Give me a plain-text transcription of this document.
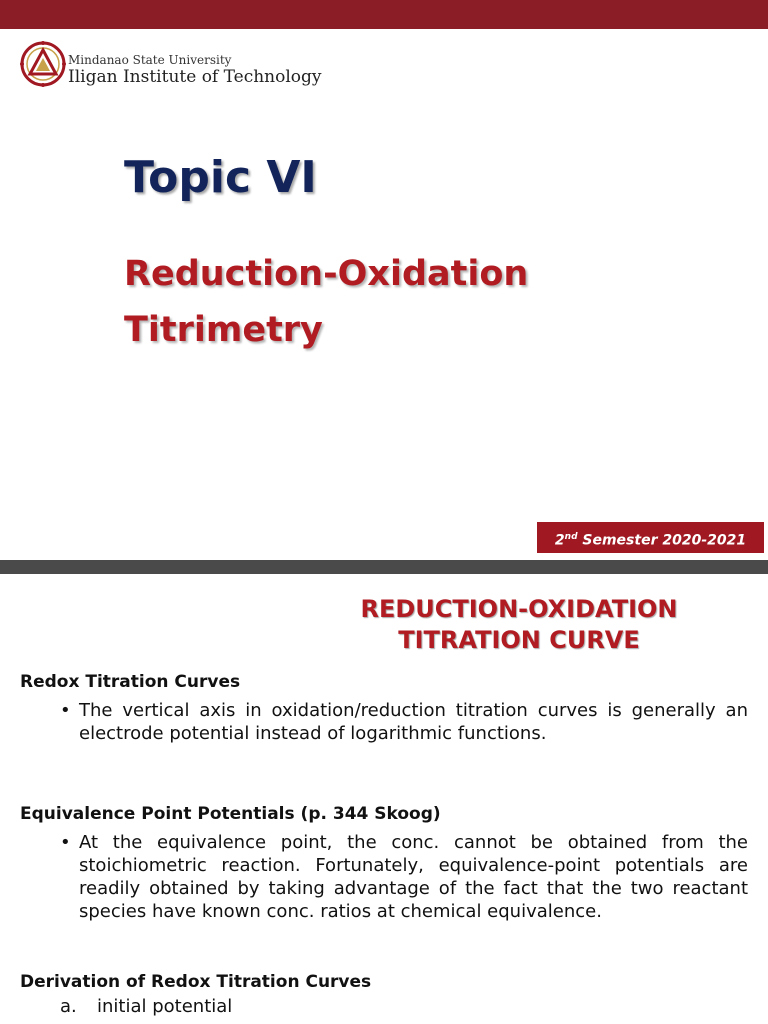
Mindanao State University
Iligan Institute of Technology
Topic VI
Reduction-Oxidation
Titrimetry
2nd Semester 2020-2021
REDUCTION-OXIDATION
TITRATION CURVE
Redox Titration Curves
• The vertical axis in oxidation/reduction titration curves is generally an electrode potential instead of logarithmic functions.
Equivalence Point Potentials (p. 344 Skoog)
• At the equivalence point, the conc. cannot be obtained from the stoichiometric reaction. Fortunately, equivalence-point potentials are readily obtained by taking advantage of the fact that the two reactant species have known conc. ratios at chemical equivalence.
Derivation of Redox Titration Curves
a. initial potential
